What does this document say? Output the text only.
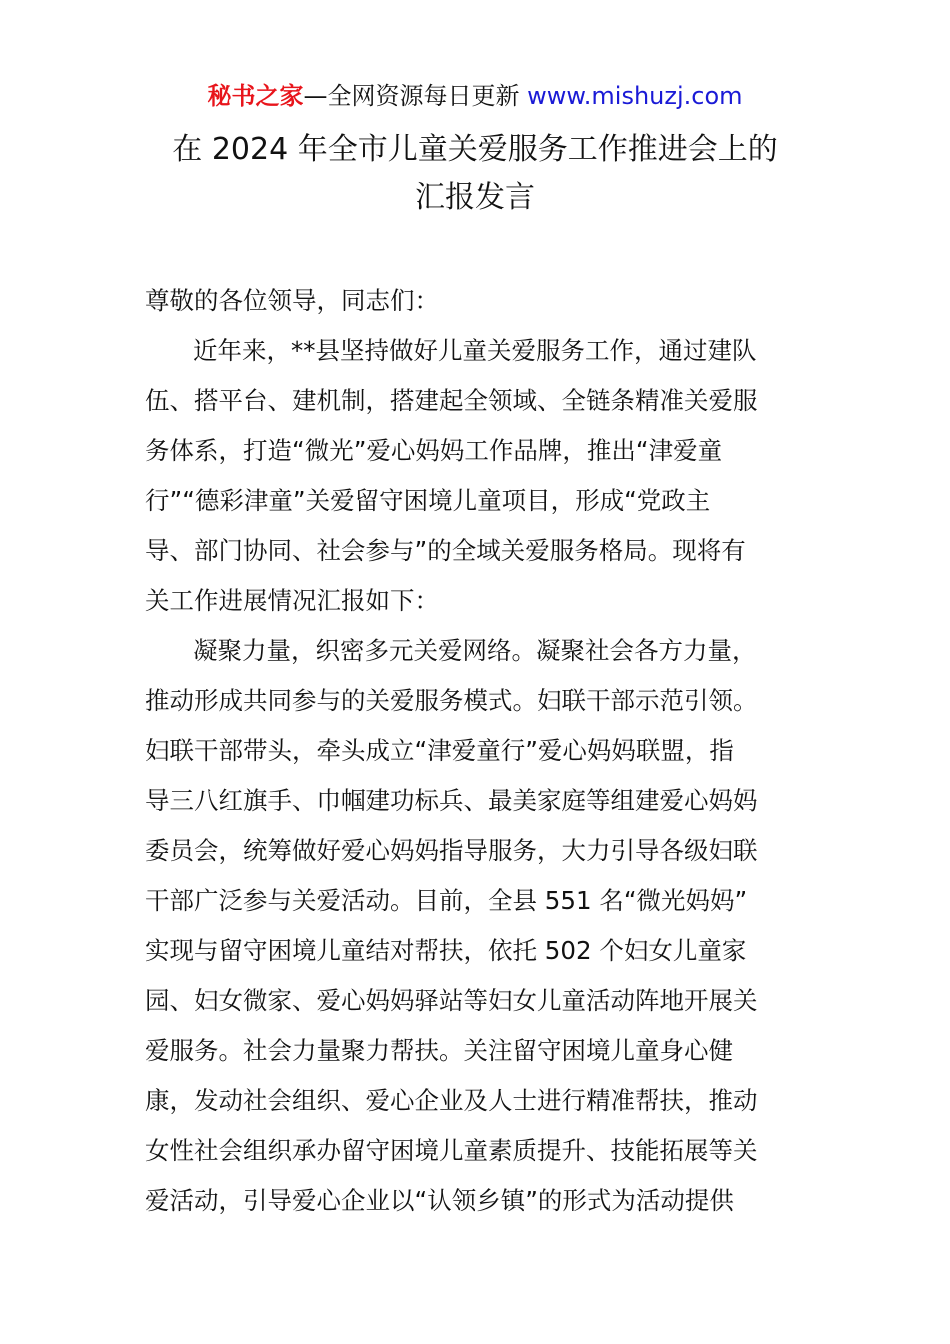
秘书之家—全网资源每日更新 www.mishuzj.com
在 2024 年全市儿童关爱服务工作推进会上的
汇报发言
尊敬的各位领导，同志们：
近年来，**县坚持做好儿童关爱服务工作，通过建队
伍、搭平台、建机制，搭建起全领域、全链条精准关爱服
务体系，打造“微光”爱心妈妈工作品牌，推出“津爱童
行”“德彩津童”关爱留守困境儿童项目，形成“党政主
导、部门协同、社会参与”的全域关爱服务格局。现将有
关工作进展情况汇报如下：
凝聚力量，织密多元关爱网络。凝聚社会各方力量，
推动形成共同参与的关爱服务模式。妇联干部示范引领。
妇联干部带头，牵头成立“津爱童行”爱心妈妈联盟，指
导三八红旗手、巾帼建功标兵、最美家庭等组建爱心妈妈
委员会，统筹做好爱心妈妈指导服务，大力引导各级妇联
干部广泛参与关爱活动。目前，全县 551 名“微光妈妈”
实现与留守困境儿童结对帮扶，依托 502 个妇女儿童家
园、妇女微家、爱心妈妈驿站等妇女儿童活动阵地开展关
爱服务。社会力量聚力帮扶。关注留守困境儿童身心健
康，发动社会组织、爱心企业及人士进行精准帮扶，推动
女性社会组织承办留守困境儿童素质提升、技能拓展等关
爱活动，引导爱心企业以“认领乡镇”的形式为活动提供
